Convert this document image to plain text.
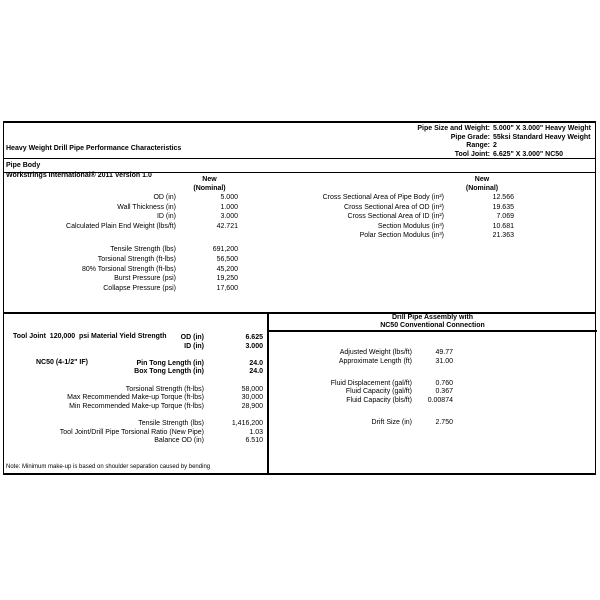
Heavy Weight Drill Pipe Performance Characteristics

Workstrings International® 2011 Version 1.0

Pipe Size and Weight: 5.000" X 3.000" Heavy Weight
Pipe Grade: 55ksi Standard Heavy Weight
Range: 2
Tool Joint: 6.625" X 3.000" NC50
Pipe Body
New
(Nominal)
New
(Nominal)
OD (in)	5.000
Wall Thickness (in)	1.000
ID (in)	3.000
Calculated Plain End Weight (lbs/ft)	42.721
Tensile Strength (lbs)	691,200
Torsional Strength (ft-lbs)	56,500
80% Torsional Strength (ft-lbs)	45,200
Burst Pressure (psi)	19,250
Collapse Pressure (psi)	17,600
Cross Sectional Area of Pipe Body (in²)	12.566
Cross Sectional Area of OD (in²)	19.635
Cross Sectional Area of ID (in²)	7.069
Section Modulus (in³)	10.681
Polar Section Modulus (in³)	21.363

Tool Joint  120,000  psi Material Yield Strength

NC50 (4-1/2" IF)

OD (in)	6.625
ID (in)	3.000
Pin Tong Length (in)	24.0
Box Tong Length (in)	24.0
Torsional Strength (ft-lbs)	58,000
Max Recommended Make-up Torque (ft-lbs)	30,000
Min Recommended Make-up Torque (ft-lbs)	28,900
Tensile Strength (lbs)	1,416,200
Tool Joint/Drill Pipe Torsional Ratio (New Pipe)	1.03
Balance OD (in)	6.510
Note: Minimum make-up is based on shoulder separation caused by bending
Drill Pipe Assembly with
NC50 Conventional Connection
Adjusted Weight (lbs/ft)	49.77
Approximate Length (ft)	31.00
Fluid Displacement (gal/ft)	0.760
Fluid Capacity (gal/ft)	0.367
Fluid Capacity (bls/ft)	0.00874
Drift Size (in)	2.750
